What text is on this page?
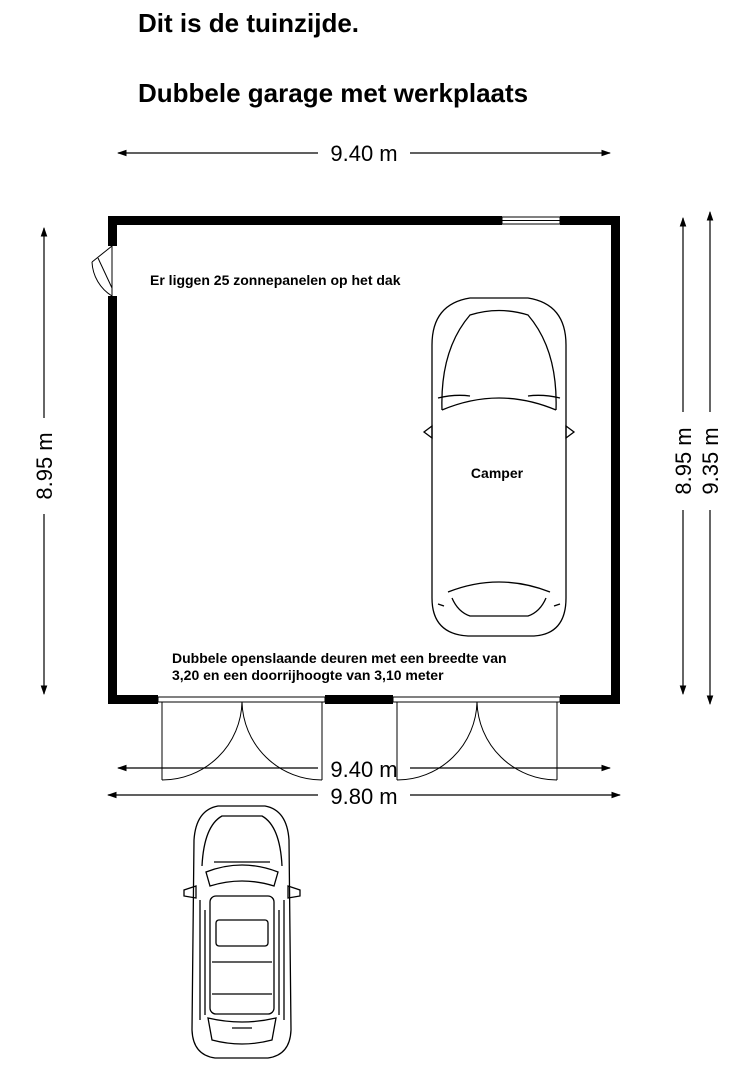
Dit is de tuinzijde.
Dubbele garage met werkplaats
9.40 m
8.95 m	8.95 m 9.35 m
Er liggen 25 zonnepanelen op het dak
Dubbele openslaande deuren met een breedte van
3,20 en een doorrijhoogte van 3,10 meter
Camper
9.40 m
9.80 m
